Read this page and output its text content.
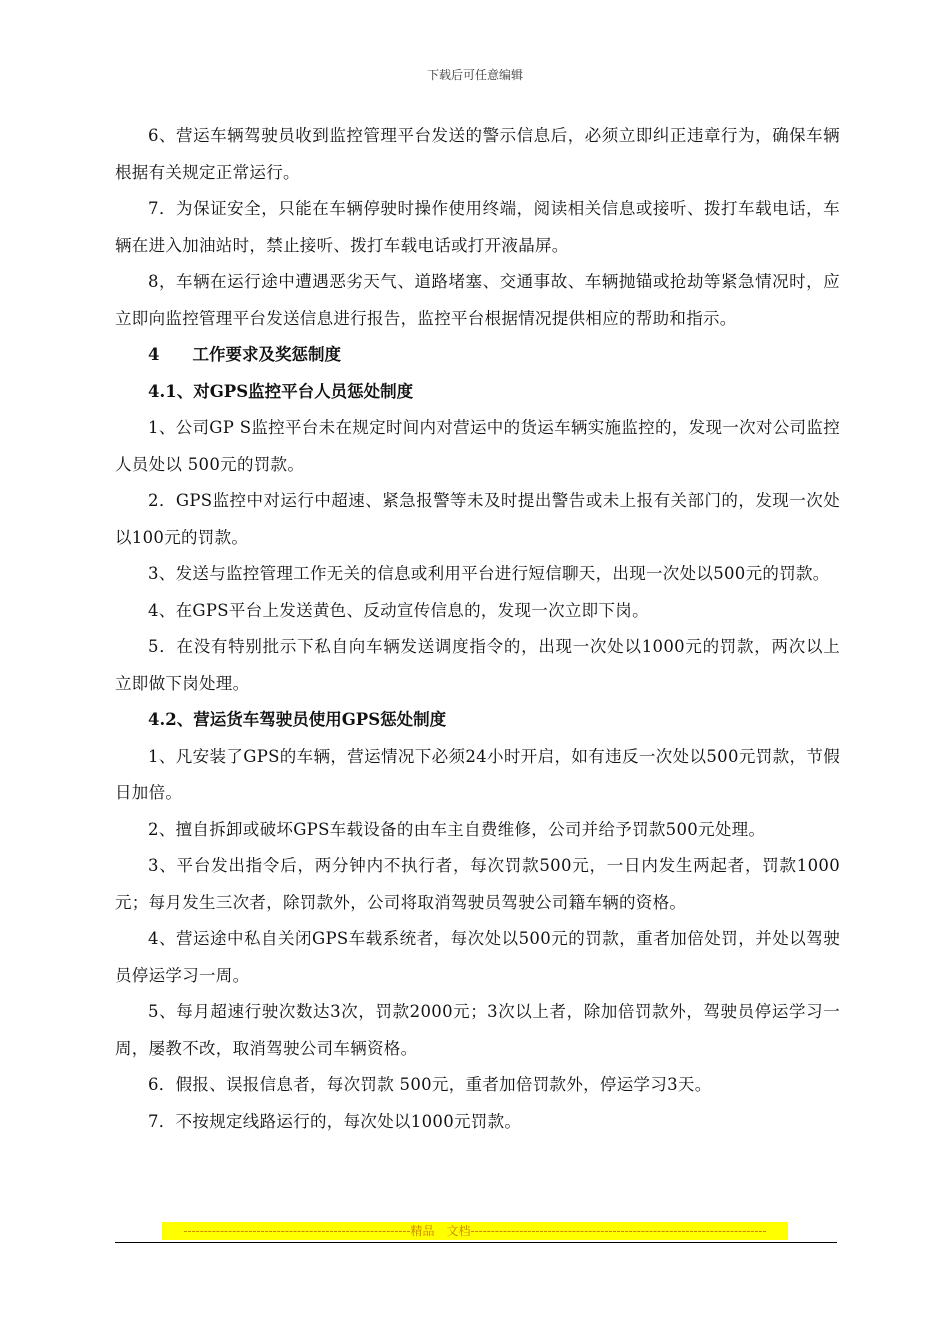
下载后可任意编辑

6、营运车辆驾驶员收到监控管理平台发送的警示信息后，必须立即纠正违章行为，确保车辆根据有关规定正常运行。

7．为保证安全，只能在车辆停驶时操作使用终端，阅读相关信息或接听、拨打车载电话，车辆在进入加油站时，禁止接听、拨打车载电话或打开液晶屏。

8，车辆在运行途中遭遇恶劣天气、道路堵塞、交通事故、车辆抛锚或抢劫等紧急情况时，应立即向监控管理平台发送信息进行报告，监控平台根据情况提供相应的帮助和指示。

4　　工作要求及奖惩制度

4.1、对GPS监控平台人员惩处制度

1、公司GP S监控平台未在规定时间内对营运中的货运车辆实施监控的，发现一次对公司监控人员处以 500元的罚款。

2．GPS监控中对运行中超速、紧急报警等未及时提出警告或未上报有关部门的，发现一次处以100元的罚款。

3、发送与监控管理工作无关的信息或利用平台进行短信聊天，出现一次处以500元的罚款。

4、在GPS平台上发送黄色、反动宣传信息的，发现一次立即下岗。

5．在没有特别批示下私自向车辆发送调度指令的，出现一次处以1000元的罚款，两次以上立即做下岗处理。

4.2、营运货车驾驶员使用GPS惩处制度

1、凡安装了GPS的车辆，营运情况下必须24小时开启，如有违反一次处以500元罚款，节假日加倍。

2、擅自拆卸或破坏GPS车载设备的由车主自费维修，公司并给予罚款500元处理。

3、平台发出指令后，两分钟内不执行者，每次罚款500元，一日内发生两起者，罚款1000元；每月发生三次者，除罚款外，公司将取消驾驶员驾驶公司籍车辆的资格。

4、营运途中私自关闭GPS车载系统者，每次处以500元的罚款，重者加倍处罚，并处以驾驶员停运学习一周。

5、每月超速行驶次数达3次，罚款2000元；3次以上者，除加倍罚款外，驾驶员停运学习一周，屡教不改，取消驾驶公司车辆资格。

6．假报、误报信息者，每次罚款 500元，重者加倍罚款外，停运学习3天。

7．不按规定线路运行的，每次处以1000元罚款。

--------------------------------------------------------精品　文档-------------------------------------------------------------------------
